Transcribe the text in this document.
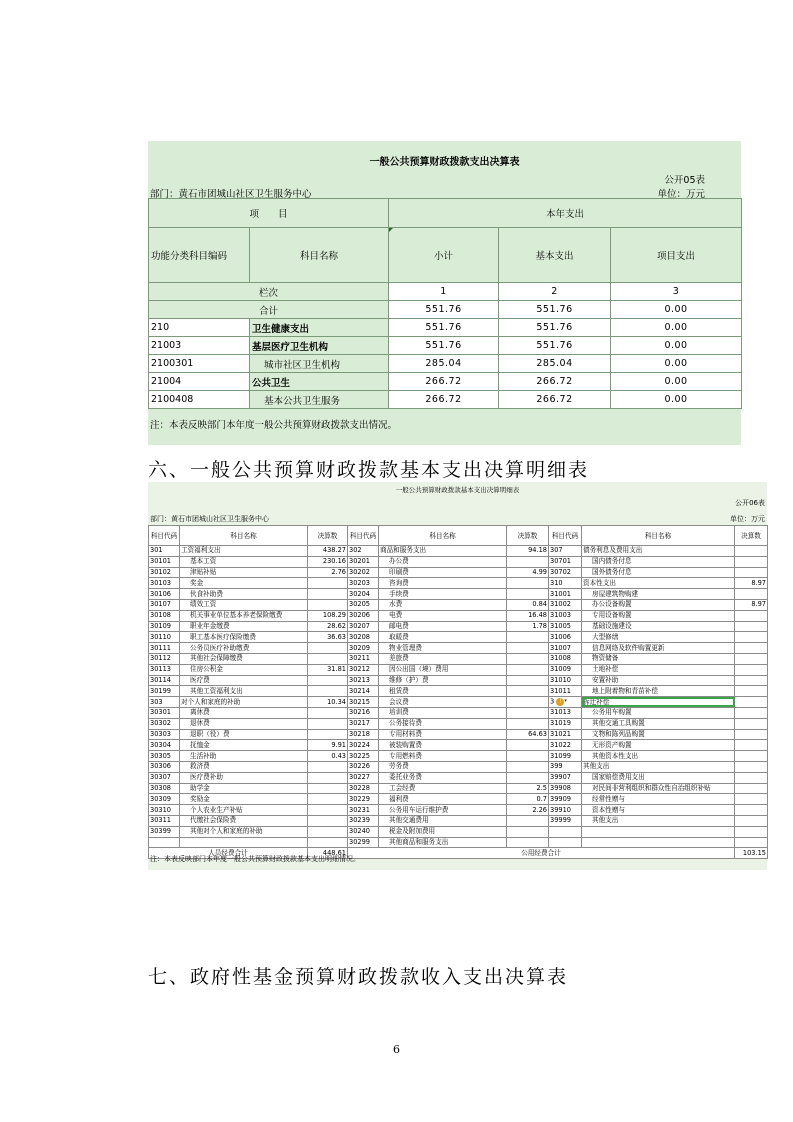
一般公共预算财政拨款支出决算表
公开05表
部门：黄石市团城山社区卫生服务中心	单位：万元
项　　目		本年支出		
功能分类科目编码	科目名称	小计	基本支出	项目支出
栏次		1	2	3
合计		551.76	551.76	0.00
210	卫生健康支出	551.76	551.76	0.00
21003	基层医疗卫生机构	551.76	551.76	0.00
2100301	城市社区卫生机构	285.04	285.04	0.00
21004	公共卫生	266.72	266.72	0.00
2100408	基本公共卫生服务	266.72	266.72	0.00
注：本表反映部门本年度一般公共预算财政拨款支出情况。
六、一般公共预算财政拨款基本支出决算明细表
一般公共预算财政拨款基本支出决算明细表
公开06表
部门：黄石市团城山社区卫生服务中心	单位：万元
科目代码	科目名称	决算数	科目代码	科目名称	决算数	科目代码	科目名称	决算数
301	工资福利支出	438.27	302	商品和服务支出	94.18	307	债务利息及费用支出	
30101	基本工资	230.16	30201	办公费		30701	国内债务付息	
30102	津贴补贴	2.76	30202	印刷费	4.99	30702	国外债务付息	
30103	奖金		30203	咨询费		310	资本性支出	8.97
30106	伙食补助费		30204	手续费		31001	房屋建筑物购建	
30107	绩效工资		30205	水费	0.84	31002	办公设备购置	8.97
30108	机关事业单位基本养老保险缴费	108.29	30206	电费	16.48	31003	专用设备购置	
30109	职业年金缴费	28.62	30207	邮电费	1.78	31005	基础设施建设	
30110	职工基本医疗保险缴费	36.63	30208	取暖费		31006	大型修缮	
30111	公务员医疗补助缴费		30209	物业管理费		31007	信息网络及软件购置更新	
30112	其他社会保障缴费		30211	差旅费		31008	物资储备	
30113	住房公积金	31.81	30212	因公出国（境）费用		31009	土地补偿	
30114	医疗费		30213	维修（护）费		31010	安置补助	
30199	其他工资福利支出		30214	租赁费		31011	地上附着物和青苗补偿	
303	对个人和家庭的补助	10.34	30215	会议费		3 ! ▾	拆迁补偿	
30301	离休费		30216	培训费		31013	公务用车购置	
30302	退休费		30217	公务接待费		31019	其他交通工具购置	
30303	退职（役）费		30218	专用材料费	64.63	31021	文物和陈列品购置	
30304	抚恤金	9.91	30224	被装购置费		31022	无形资产购置	
30305	生活补助	0.43	30225	专用燃料费		31099	其他资本性支出	
30306	救济费		30226	劳务费		399	其他支出	
30307	医疗费补助		30227	委托业务费		39907	国家赔偿费用支出	
30308	助学金		30228	工会经费	2.5	39908	对民间非营利组织和群众性自治组织补贴	
30309	奖励金		30229	福利费	0.7	39909	经常性赠与	
30310	个人农业生产补贴		30231	公务用车运行维护费	2.26	39910	资本性赠与	
30311	代缴社会保险费		30239	其他交通费用		39999	其他支出	
30399	其他对个人和家庭的补助		30240	税金及附加费用				
			30299	其他商品和服务支出				
人员经费合计		448.61	公用经费合计					103.15
注：本表反映部门本年度一般公共预算财政拨款基本支出明细情况。
七、政府性基金预算财政拨款收入支出决算表
6
